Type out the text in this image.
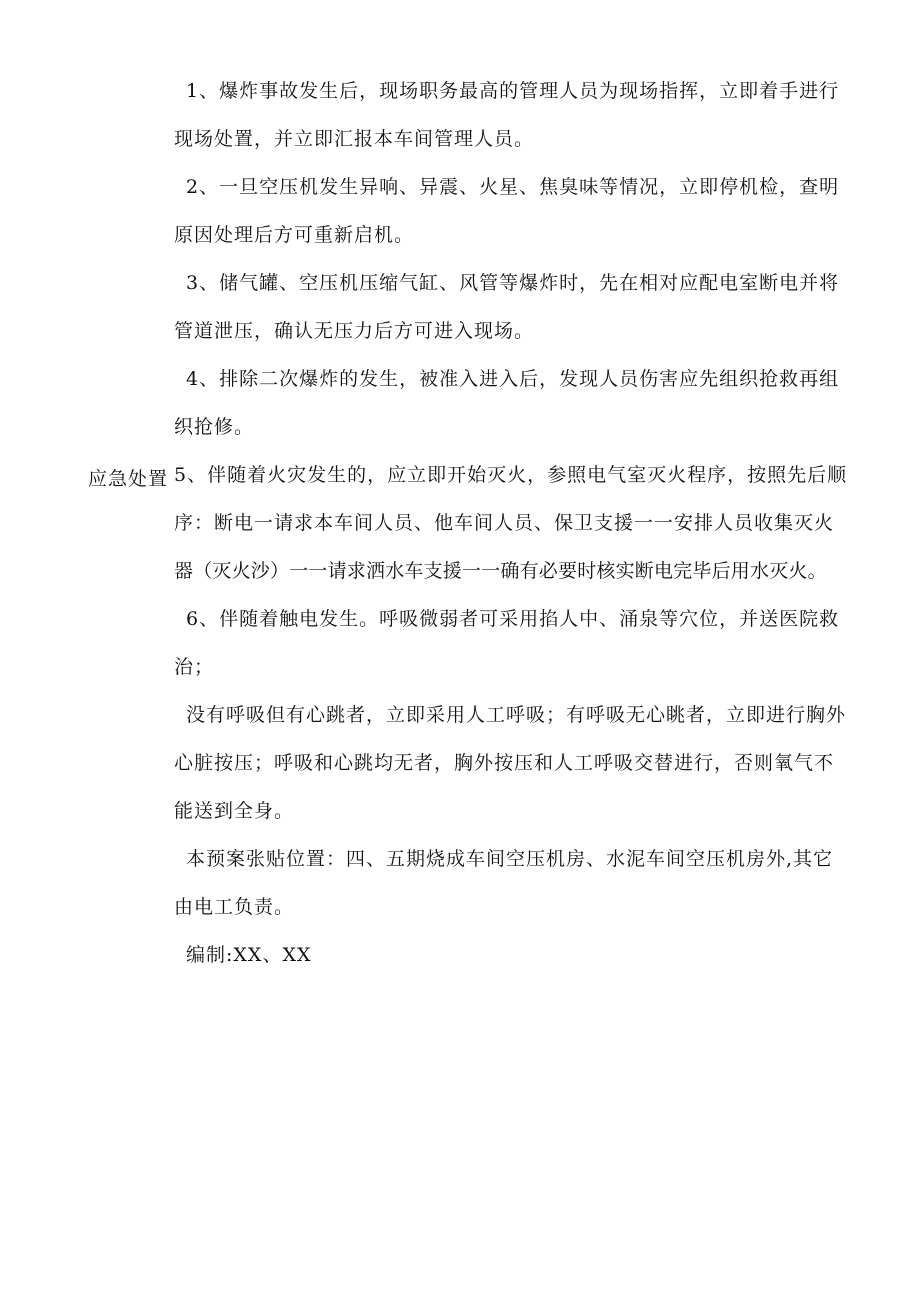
应急处置
1、爆炸事故发生后，现场职务最高的管理人员为现场指挥，立即着手进行
现场处置，并立即汇报本车间管理人员。
2、一旦空压机发生异响、异震、火星、焦臭味等情况，立即停机检，查明
原因处理后方可重新启机。
3、储气罐、空压机压缩气缸、风管等爆炸时，先在相对应配电室断电并将
管道泄压，确认无压力后方可进入现场。
4、排除二次爆炸的发生，被准入进入后，发现人员伤害应先组织抢救再组
织抢修。
5、伴随着火灾发生的，应立即开始灭火，参照电气室灭火程序，按照先后顺
序：断电一请求本车间人员、他车间人员、保卫支援一一安排人员收集灭火
器（灭火沙）一一请求洒水车支援一一确有必要时核实断电完毕后用水灭火。
6、伴随着触电发生。呼吸微弱者可采用掐人中、涌泉等穴位，并送医院救
治；
没有呼吸但有心跳者，立即采用人工呼吸；有呼吸无心眺者，立即进行胸外
心脏按压；呼吸和心跳均无者，胸外按压和人工呼吸交替进行，否则氧气不
能送到全身。
本预案张贴位置：四、五期烧成车间空压机房、水泥车间空压机房外,其它
由电工负责。
编制:XX、XX
